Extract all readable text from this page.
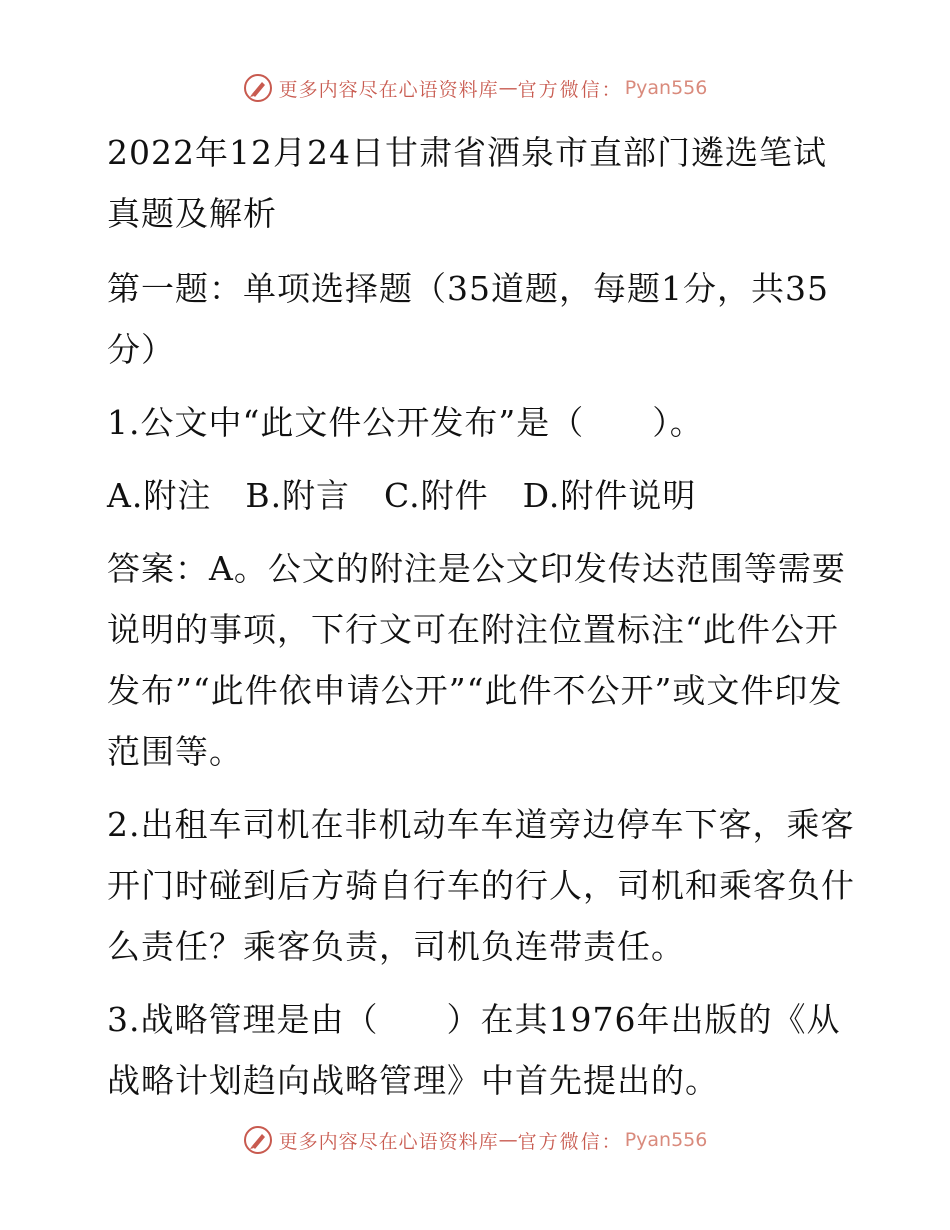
更多内容尽在心语资料库 — 官方微信： Pyan556

2022年12月24日甘肃省酒泉市直部门遴选笔试真题及解析

第一题：单项选择题（35道题，每题1分，共35分）

1.公文中“此文件公开发布”是（　　）。

A.附注　B.附言　C.附件　D.附件说明

答案：A。公文的附注是公文印发传达范围等需要说明的事项，下行文可在附注位置标注“此件公开发布”“此件依申请公开”“此件不公开”或文件印发范围等。

2.出租车司机在非机动车车道旁边停车下客，乘客开门时碰到后方骑自行车的行人，司机和乘客负什么责任？乘客负责，司机负连带责任。

3.战略管理是由（　　）在其1976年出版的《从战略计划趋向战略管理》中首先提出的。

更多内容尽在心语资料库 — 官方微信： Pyan556
